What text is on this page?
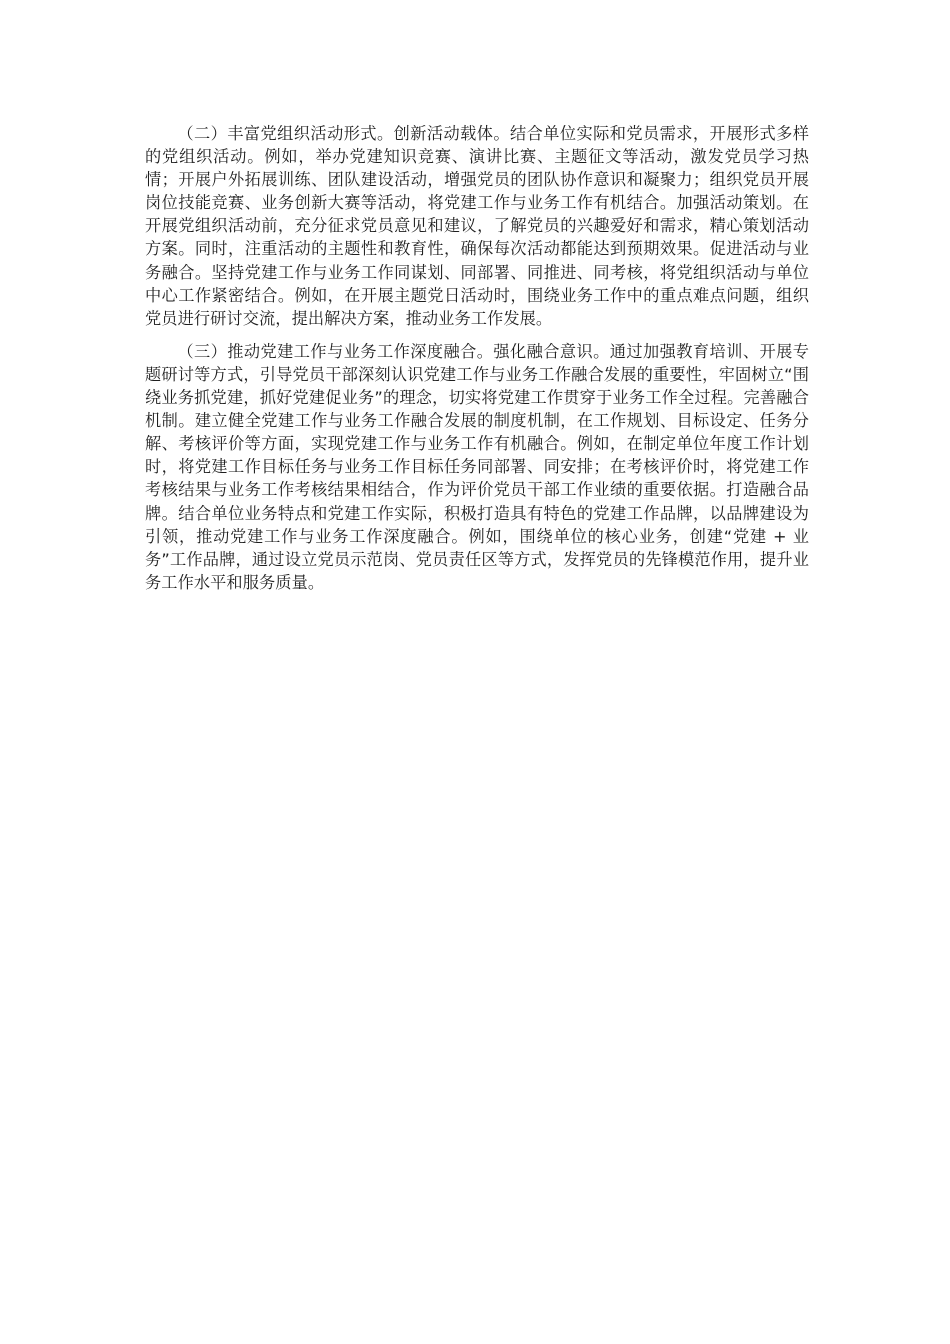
（二）丰富党组织活动形式。创新活动载体。结合单位实际和党员需求，开展形式多样的党组织活动。例如，举办党建知识竞赛、演讲比赛、主题征文等活动，激发党员学习热情；开展户外拓展训练、团队建设活动，增强党员的团队协作意识和凝聚力；组织党员开展岗位技能竞赛、业务创新大赛等活动，将党建工作与业务工作有机结合。加强活动策划。在开展党组织活动前，充分征求党员意见和建议，了解党员的兴趣爱好和需求，精心策划活动方案。同时，注重活动的主题性和教育性，确保每次活动都能达到预期效果。促进活动与业务融合。坚持党建工作与业务工作同谋划、同部署、同推进、同考核，将党组织活动与单位中心工作紧密结合。例如，在开展主题党日活动时，围绕业务工作中的重点难点问题，组织党员进行研讨交流，提出解决方案，推动业务工作发展。

（三）推动党建工作与业务工作深度融合。强化融合意识。通过加强教育培训、开展专题研讨等方式，引导党员干部深刻认识党建工作与业务工作融合发展的重要性，牢固树立“围绕业务抓党建，抓好党建促业务”的理念，切实将党建工作贯穿于业务工作全过程。完善融合机制。建立健全党建工作与业务工作融合发展的制度机制，在工作规划、目标设定、任务分解、考核评价等方面，实现党建工作与业务工作有机融合。例如，在制定单位年度工作计划时，将党建工作目标任务与业务工作目标任务同部署、同安排；在考核评价时，将党建工作考核结果与业务工作考核结果相结合，作为评价党员干部工作业绩的重要依据。打造融合品牌。结合单位业务特点和党建工作实际，积极打造具有特色的党建工作品牌，以品牌建设为引领，推动党建工作与业务工作深度融合。例如，围绕单位的核心业务，创建“党建 + 业务”工作品牌，通过设立党员示范岗、党员责任区等方式，发挥党员的先锋模范作用，提升业务工作水平和服务质量。
